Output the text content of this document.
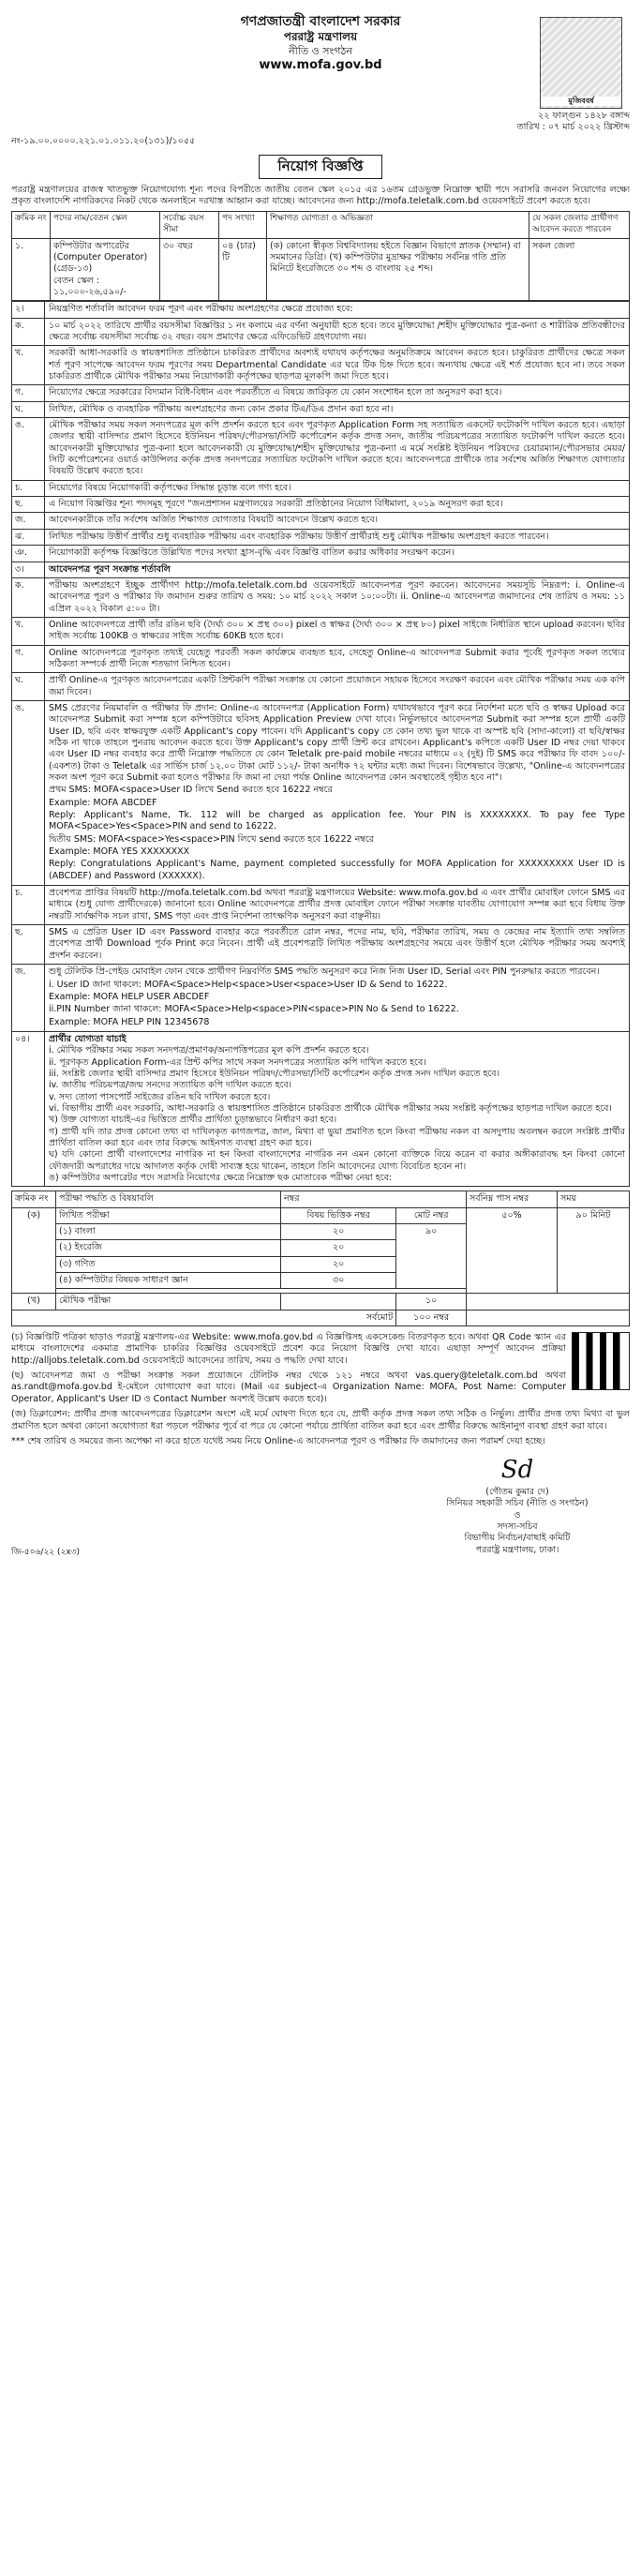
গণপ্রজাতন্ত্রী বাংলাদেশ সরকার
পররাষ্ট্র মন্ত্রণালয়
নীতি ও সংগঠন
www.mofa.gov.bd
মুজিববর্ষ
২২ ফাল্গুন ১৪২৮ বঙ্গাব্দ
তারিখ : ০৭ মার্চ ২০২২ খ্রিস্টাব্দ
নং-১৯.০০.০০০০.২২১.০১.০১১.২০(১৩১)/১০৫৫
নিয়োগ বিজ্ঞপ্তি

পররাষ্ট্র মন্ত্রণালয়ের রাজস্ব খাতভুক্ত নিয়োগযোগ্য শূন্য পদের বিপরীতে জাতীয় বেতন স্কেল ২০১৫ এর ১৬তম গ্রেডভুক্ত নিম্নোক্ত স্থায়ী পদে সরাসরি জনবল নিয়োগের লক্ষ্যে প্রকৃত বাংলাদেশি নাগরিকদের নিকট থেকে অনলাইনে দরখাস্ত আহ্বান করা যাচ্ছে। আবেদনের জন্য http://mofa.teletalk.com.bd ওয়েবসাইটে প্রবেশ করতে হবে।

ক্রমিক নং	পদের নাম/বেতন স্কেল	সর্বোচ্চ বয়স সীমা	পদ সংখ্যা	শিক্ষাগত যোগ্যতা ও অভিজ্ঞতা	যে সকল জেলার প্রার্থীগণ আবেদন করতে পারবেন
১.	কম্পিউটার অপারেটর (Computer Operator)
(গ্রেড-১৩)
বেতন স্কেল :
১১,০০০-২৬,৫৯০/-	৩০ বছর	০৪ (চার) টি	(ক) কোনো স্বীকৃত বিশ্ববিদ্যালয় হইতে বিজ্ঞান বিভাগে স্নাতক (সম্মান) বা সমমানের ডিগ্রি। (খ) কম্পিউটার মুদ্রাক্ষর পরীক্ষায় সর্বনিম্ন গতি প্রতি মিনিটে ইংরেজিতে ৩০ শব্দ ও বাংলায় ২৫ শব্দ।	সকল জেলা
২।	নিয়ন্ত্রণিত শর্তাবলি আবেদন ফরম পূরণ এবং পরীক্ষায় অংশগ্রহণের ক্ষেত্রে প্রযোজ্য হবে:
ক.	১০ মার্চ ২০২২ তারিখে প্রার্থীর বয়সসীমা বিজ্ঞপ্তির ১ নং কলামে এর বর্ণনা অনুযায়ী হতে হবে। তবে মুক্তিযোদ্ধা /শহীদ মুক্তিযোদ্ধার পুত্র-কন্যা ও শারীরিক প্রতিবন্ধীদের ক্ষেত্রে সর্বোচ্চ বয়সসীমা সর্বোচ্চ ৩২ বছর। বয়স প্রমাণের ক্ষেত্রে এফিডেভিট গ্রহণযোগ্য নয়।
খ.	সরকারী আধা-সরকারি ও স্বায়ত্তশাসিত প্রতিষ্ঠানে চাকরিরত প্রার্থীদের অবশ্যই যথাযথ কর্তৃপক্ষের অনুমতিক্রমে আবেদন করতে হবে। চাকুরিরত প্রার্থীদের ক্ষেত্রে সকল শর্ত পূরণ সাপেক্ষে আবেদন ফরম পূরণের সময় Departmental Candidate এর ঘরে টিক চিহ্ন দিতে হবে। অন্যথায় ক্ষেত্রে এই শর্ত প্রযোজ্য হবে না। তবে সকল চাকরিরত প্রার্থীকে মৌখিক পরীক্ষার সময় নিয়োগকারী কর্তৃপক্ষের ছাড়পত্র মূলকপি জমা দিতে হবে।
গ.	নিয়োগের ক্ষেত্রে সরকারের বিদ্যমান বিধি-বিধান এবং পরবর্তীতে এ বিষয়ে জারিকৃত যে কোন সংশোধন হলে তা অনুসরণ করা হবে।
ঘ.	লিখিত, মৌখিক ও ব্যবহারিক পরীক্ষায় অংশগ্রহণের জন্য কোন প্রকার টিএ/ডিএ প্রদান করা হবে না।
ঙ.	মৌখিক পরীক্ষার সময় সকল সনদপত্রের মূল কপি প্রদর্শন করতে হবে এবং পূরণকৃত Application Form সহ সত্যায়িত একসেট ফটোকপি দাখিল করতে হবে। এছাড়া জেলার স্থায়ী বাসিন্দার প্রমাণ হিসেবে ইউনিয়ন পরিষদ/পৌরসভা/সিটি কর্পোরেশন কর্তৃক প্রদত্ত সনদ, জাতীয় পরিচয়পত্রের সত্যায়িত ফটোকপি দাখিল করতে হবে। আবেদনকারী মুক্তিযোদ্ধার পুত্র-কন্যা হলে আবেদনকারী যে মুক্তিযোদ্ধা/শহীদ মুক্তিযোদ্ধার পুত্র-কন্যা এ মর্মে সংশ্লিষ্ট ইউনিয়ন পরিষদের চেয়ারম্যান/পৌরসভার মেয়র/সিটি কর্পোরেশনের ওয়ার্ড কাউন্সিলর কর্তৃক প্রদত্ত সনদপত্রের সত্যায়িত ফটোকপি দাখিল করতে হবে। আবেদনপত্রে প্রার্থীকে তার সর্বশেষ অর্জিত শিক্ষাগত যোগ্যতার বিষয়টি উল্লেখ করতে হবে।
চ.	নিয়োগের বিষয়ে নিয়োগকারী কর্তৃপক্ষের সিদ্ধান্ত চূড়ান্ত বলে গণ্য হবে।
ছ.	এ নিয়োগ বিজ্ঞপ্তির শূন্য পদসমূহ পূরণে "জনপ্রশাসন মন্ত্রণালয়ের সরকারী প্রতিষ্ঠানের নিয়োগ বিধিমালা, ২০১৯ অনুসরণ করা হবে।
জ.	আবেদনকারীকে তাঁর সর্বশেষ অর্জিত শিক্ষাগত যোগ্যতার বিষয়টি আবেদনে উল্লেখ করতে হবে।
ঝ.	লিখিত পরীক্ষায় উত্তীর্ণ প্রার্থীর শুধু ব্যবহারিক পরীক্ষায় এবং ব্যবহারিক পরীক্ষায় উত্তীর্ণ প্রার্থীরাই শুধু মৌখিক পরীক্ষায় অংশগ্রহণ করতে পারবেন।
ঞ.	নিয়োগকারী কর্তৃপক্ষ বিজ্ঞপ্তিতে উল্লিখিত পদের সংখ্যা হ্রাস-বৃদ্ধি এবং বিজ্ঞপ্তি বাতিল করার অধিকার সংরক্ষণ করেন।
৩।	আবেদনপত্র পূরণ সংক্রান্ত শর্তাবলি
ক.	পরীক্ষায় অংশগ্রহণে ইচ্ছুক প্রার্থীগণ http://mofa.teletalk.com.bd ওয়েবসাইটে আবেদনপত্র পূরণ করবেন। আবেদনের সময়সূচি নিম্নরূপ: i. Online-এ আবেদনপত্র পূরণ ও পরীক্ষার ফি জমাদান শুরুর তারিখ ও সময়: ১০ মার্চ ২০২২ সকাল ১০:০০টা। ii. Online-এ আবেদনপত্র জমাদানের শেষ তারিখ ও সময়: ১১ এপ্রিল ২০২২ বিকাল ৫:০০ টা।
খ.	Online আবেদনপত্রে প্রার্থী তাঁর রঙিন ছবি (দৈর্ঘ্য ৩০০ × প্রস্থ ৩০০) pixel ও স্বাক্ষর (দৈর্ঘ্য ৩০০ × প্রস্থ ৮০) pixel সাইজে নির্ধারিত স্থানে upload করবেন। ছবির সাইজ সর্বোচ্চ 100KB ও স্বাক্ষরের সাইজ সর্বোচ্চ 60KB হতে হবে।
গ.	Online আবেদনপত্রে পূরণকৃত তথ্যই যেহেতু পরবর্তী সকল কার্যক্রমে ব্যবহৃত হবে, সেহেতু Online-এ আবেদনপত্র Submit করার পূর্বেই পূরণকৃত সকল তথ্যের সঠিকতা সম্পর্কে প্রার্থী নিজে শতভাগ নিশ্চিত হবেন।
ঘ.	প্রার্থী Online-এ পূরণকৃত আবেদনপত্রের একটি প্রিন্টকপি পরীক্ষা সংক্রান্ত যে কোনো প্রয়োজনে সহায়ক হিসেবে সংরক্ষণ করবেন এবং মৌখিক পরীক্ষার সময় এক কপি জমা দিবেন।
ঙ.	SMS প্রেরণের নিয়মাবলি ও পরীক্ষার ফি প্রদান: Online-এ আবেদনপত্র (Application Form) যথাযথভাবে পূরণ করে নির্দেশনা মতে ছবি ও স্বাক্ষর Upload করে আবেদনপত্র Submit করা সম্পন্ন হলে কম্পিউটারে ছবিসহ Application Preview দেখা যাবে। নির্ভুলভাবে আবেদনপত্র Submit করা সম্পন্ন হলে প্রার্থী একটি User ID, ছবি এবং স্বাক্ষরযুক্ত একটি Applicant's copy পাবেন। যদি Applicant's copy তে কোন তথ্য ভুল থাকে বা অস্পষ্ট ছবি (সাদা-কালো) বা ছবি/স্বাক্ষর সঠিক না থাকে তাহলে পুনরায় আবেদন করতে হবে। উক্ত Applicant's copy প্রার্থী প্রিন্ট করে রাখবেন। Applicant's কপিতে একটি User ID নম্বর দেয়া থাকবে এবং User ID নম্বর ব্যবহার করে প্রার্থী নিম্নোক্ত পদ্ধতিতে যে কোন Teletalk pre-paid mobile নম্বরের মাধ্যমে ০২ (দুই) টি SMS করে পরীক্ষার ফি বাবদ ১০০/- (একশত) টাকা ও Teletalk এর সার্ভিস চার্জ ১২.০০ টাকা মোট ১১২/- টাকা অনধিক ৭২ ঘন্টার মধ্যে জমা দিবেন। বিশেষভাবে উল্লেখ্য, "Online-এ আবেদনপত্রের সকল অংশ পূরণ করে Submit করা হলেও পরীক্ষার ফি জমা না দেয়া পর্যন্ত Online আবেদনপত্র কোন অবস্থাতেই গৃহীত হবে না"।
প্রথম SMS: MOFA<space>User ID লিখে Send করতে হবে 16222 নম্বরে
Example: MOFA ABCDEF
Reply: Applicant's Name, Tk. 112 will be charged as application fee. Your PIN is XXXXXXXX. To pay fee Type MOFA<Space>Yes<Space>PIN and send to 16222.
দ্বিতীয় SMS: MOFA<space>Yes<space>PIN লিখে send করতে হবে 16222 নম্বরে
Example: MOFA YES XXXXXXXX
Reply: Congratulations Applicant's Name, payment completed successfully for MOFA Application for XXXXXXXXX User ID is (ABCDEF) and Password (XXXXXX).
চ.	প্রবেশপত্র প্রাপ্তির বিষয়টি http://mofa.teletalk.com.bd অথবা পররাষ্ট্র মন্ত্রণালয়ের Website: www.mofa.gov.bd এ এবং প্রার্থীর মোবাইল ফোনে SMS এর মাধ্যমে (শুধু যোগ্য প্রার্থীদেরকে) জানানো হবে। Online আবেদনপত্রে প্রার্থীর প্রদত্ত মোবাইল ফোনে পরীক্ষা সংক্রান্ত যাবতীয় যোগাযোগ সম্পন্ন করা হবে বিধায় উক্ত নম্বরটি সার্বক্ষণিক সচল রাখা, SMS পড়া এবং প্রাপ্ত নির্দেশনা তাৎক্ষণিক অনুসরণ করা বাঞ্ছনীয়।
ছ.	SMS এ প্রেরিত User ID এবং Password ব্যবহার করে পরবর্তীতে রোল নম্বর, পদের নাম, ছবি, পরীক্ষার তারিখ, সময় ও কেন্দ্রের নাম ইত্যাদি তথ্য সম্বলিত প্রবেশপত্র প্রার্থী Download পূর্বক Print করে নিবেন। প্রার্থী এই প্রবেশপত্রটি লিখিত পরীক্ষায় অংশগ্রহণের সময়ে এবং উত্তীর্ণ হলে মৌখিক পরীক্ষার সময় অবশ্যই প্রদর্শন করবেন।
জ.	শুধু টেলিটক প্রি-পেইড মোবাইল ফোন থেকে প্রার্থীগণ নিম্নবর্ণিত SMS পদ্ধতি অনুসরণ করে নিজ নিজ User ID, Serial এবং PIN পুনরুদ্ধার করতে পারবেন।
i. User ID জানা থাকলে: MOFA<Space>Help<space>User<space>User ID & Send to 16222.
Example: MOFA HELP USER ABCDEF
ii.PIN Number জানা থাকলে: MOFA<Space>Help<space>PIN<space>PIN No & Send to 16222.
Example: MOFA HELP PIN 12345678
০৪।	প্রার্থীর যোগ্যতা যাচাই
i. মৌখিক পরীক্ষার সময় সকল সনদপত্র/প্রমাণক/অনাপত্তিপত্রের মূল কপি প্রদর্শন করতে হবে।
ii. পূরণকৃত Application Form-এর প্রিন্ট কপির সাথে সকল সনদপত্রের সত্যায়িত কপি দাখিল করতে হবে।
iii. সংশ্লিষ্ট জেলার স্থায়ী বাসিন্দার প্রমাণ হিসেবে ইউনিয়ন পরিষদ/পৌরসভা/সিটি কর্পোরেশন কর্তৃক প্রদত্ত সনদ দাখিল করতে হবে।
iv. জাতীয় পরিচয়পত্র/জন্ম সনদের সত্যায়িত কপি দাখিল করতে হবে।
v. সদ্য তোলা পাসপোর্ট সাইজের রঙিন ছবি দাখিল করতে হবে।
vi. বিভাগীয় প্রার্থী এবং সরকারি, আধা-সরকারি ও স্বায়ত্তশাসিত প্রতিষ্ঠানে চাকরিরত প্রার্থীকে মৌখিক পরীক্ষার সময় সংশ্লিষ্ট কর্তৃপক্ষের ছাড়পত্র দাখিল করতে হবে।
খ) উক্ত যোগ্যতা যাচাই-এর ভিত্তিতে প্রার্থীর প্রার্থিতা চূড়ান্তভাবে নির্ধারণ করা হবে।
গ) প্রার্থী যদি তার প্রদত্ত কোনো তথ্য বা দাখিলকৃত কাগজপত্র, জাল, মিথ্যা বা ভুয়া প্রমাণিত হলে কিংবা পরীক্ষায় নকল বা অসদুপায় অবলম্বন করলে সংশ্লিষ্ট প্রার্থীর প্রার্থিতা বাতিল করা হবে এবং তার বিরুদ্ধে আইনগত ব্যবস্থা গ্রহণ করা হবে।
ঘ) যদি কোনো প্রার্থী বাংলাদেশের নাগরিক না হন কিংবা বাংলাদেশের নাগরিক নন এমন কোনো ব্যক্তিকে বিয়ে করেন বা করার অঙ্গীকারাবদ্ধ হন কিংবা কোনো ফৌজদারী অপরাধের দায়ে আদালত কর্তৃক দোষী সাব্যস্ত হয়ে থাকেন, তাহলে তিনি আবেদনের যোগ্য বিবেচিত হবেন না।
ঙ) কম্পিউটার অপারেটর পদে সরাসরি নিয়োগের ক্ষেত্রে নিম্নোক্ত ছক মোতাবেক পরীক্ষা নেয়া হবে:
ক্রমিক নং	পরীক্ষা পদ্ধতি ও বিষয়াবলি	নম্বর		সর্বনিম্ন পাস নম্বর	সময়
(ক)	লিখিত পরীক্ষা	বিষয় ভিত্তিক নম্বর	মোট নম্বর	৫০%	৯০ মিনিট
	(১) বাংলা	২০	৯০		
	(২) ইংরেজি	২০			
	(৩) গণিত	২০			
	(৪) কম্পিউটার বিষয়ক সাধারণ জ্ঞান	৩০			

(খ)	মৌখিক পরীক্ষা		১০		
সর্বমোট			১০০ নম্বর		

(চ) বিজ্ঞপ্তিটি পত্রিকা ছাড়াও পররাষ্ট্র মন্ত্রণালয়-এর Website: www.mofa.gov.bd এ বিজ্ঞপ্তিসহ একসেকেন্ড বিতরণকৃত হবে। অথবা QR Code স্ক্যান এর মাধ্যমে বাংলাদেশের একমাত্র প্রামাণিক চাকরির বিজ্ঞপ্তির ওয়েবসাইটে প্রবেশ করে নিয়োগ বিজ্ঞপ্তি দেখা যাবে। এছাড়া সম্পূর্ণ আবেদন প্রক্রিয়া http://alljobs.teletalk.com.bd ওয়েবসাইটে আবেদনের তারিখ, সময় ও পদ্ধতি দেখা যাবে।

(ছ) আবেদনপত্র জমা ও পরীক্ষা সংক্রান্ত সকল প্রয়োজনে টেলিটক নম্বর থেকে ১২১ নম্বরে অথবা vas.query@teletalk.com.bd অথবা as.randt@mofa.gov.bd ই-মেইলে যোগাযোগ করা যাবে। (Mail এর subject-এ Organization Name: MOFA, Post Name: Computer Operator, Applicant's User ID ও Contact Number অবশ্যই উল্লেখ করতে হবে)।

(জ) ডিক্লারেশন: প্রার্থীর প্রদত্ত আবেদনপত্রের ডিক্লারেশন অংশে এই মর্মে ঘোষণা দিতে হবে যে, প্রার্থী কর্তৃক প্রদত্ত সকল তথ্য সঠিক ও নির্ভুল। প্রার্থীর প্রদত্ত তথ্য মিথ্যা বা ভুল প্রমাণিত হলে অথবা কোনো অযোগ্যতা ধরা পড়লে পরীক্ষার পূর্বে বা পরে যে কোনো পর্যায়ে প্রার্থিতা বাতিল করা হবে এবং প্রার্থীর বিরুদ্ধে আইনানুগ ব্যবস্থা গ্রহণ করা যাবে।

*** শেষ তারিখ ও সময়ের জন্য অপেক্ষা না করে হাতে যথেষ্ট সময় নিয়ে Online-এ আবেদনপত্র পূরণ ও পরীক্ষার ফি জমাদানের জন্য পরামর্শ দেয়া হচ্ছে।

Sd
(গৌতম কুমার দে)
সিনিয়র সহকারী সচিব (নীতি ও সংগঠন)
ও
সদস্য-সচিব
বিভাগীয় নির্বাচন/বাছাই কমিটি
পররাষ্ট্র মন্ত্রণালয়, ঢাকা।
জি-৫০৬/২২ (২x৩)
